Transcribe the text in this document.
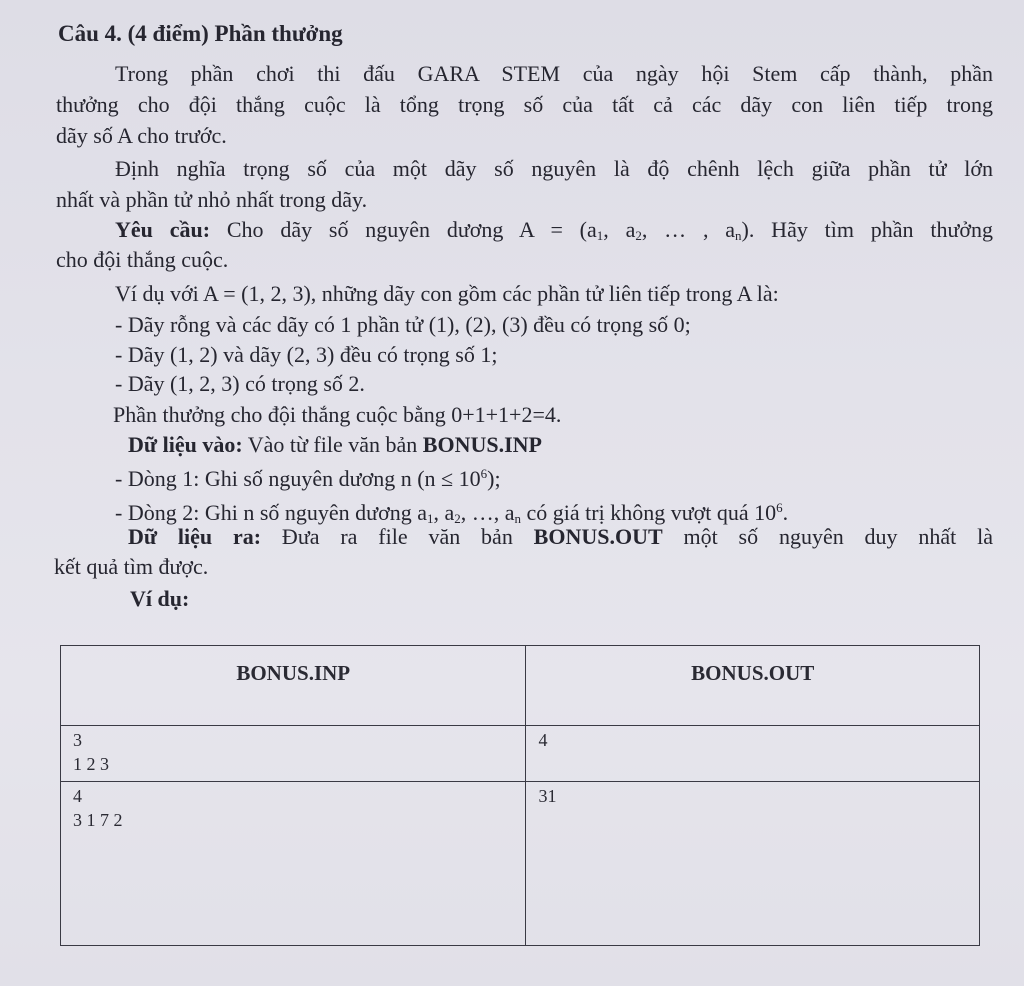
Câu 4. (4 điểm) Phần thưởng
Trong phần chơi thi đấu GARA STEM của ngày hội Stem cấp thành, phần
thưởng cho đội thắng cuộc là tổng trọng số của tất cả các dãy con liên tiếp trong
dãy số A cho trước.
Định nghĩa trọng số của một dãy số nguyên là độ chênh lệch giữa phần tử lớn
nhất và phần tử nhỏ nhất trong dãy.
Yêu cầu: Cho dãy số nguyên dương $A = (a_1$, $a_2$, … , $a_n$). Hãy tìm phần thưởng
cho đội thắng cuộc.
Ví dụ với A = (1, 2, 3), những dãy con gồm các phần tử liên tiếp trong A là:
- Dãy rỗng và các dãy có 1 phần tử (1), (2), (3) đều có trọng số 0;
- Dãy (1, 2) và dãy (2, 3) đều có trọng số 1;
- Dãy (1, 2, 3) có trọng số 2.
Phần thưởng cho đội thắng cuộc bằng 0+1+1+2=4.
Dữ liệu vào: Vào từ file văn bản BONUS.INP
- Dòng 1: Ghi số nguyên dương n $(n \le 10^6)$;
- Dòng 2: Ghi n số nguyên dương $a_1$, $a_2$, …, $a_n$ có giá trị không vượt quá $10^6$.
Dữ liệu ra: Đưa ra file văn bản BONUS.OUT một số nguyên duy nhất là
kết quả tìm được.
Ví dụ:
BONUS.INP	BONUS.OUT

3
1 2 3	4

4
3 1 7 2	31
